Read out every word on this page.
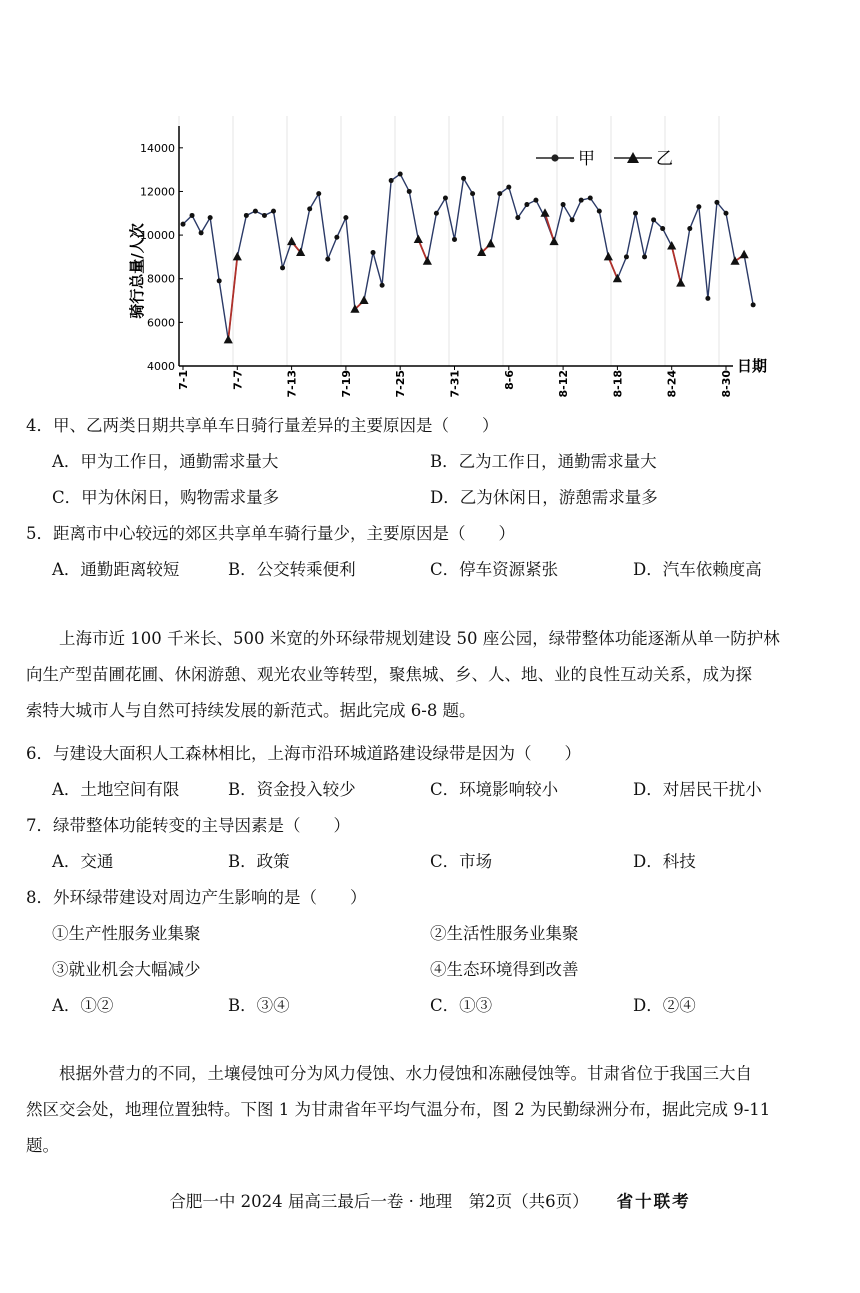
4000
6000
8000
10000
12000
14000
7-1	7-7	7-13	7-19	7-25	7-31	8-6	8-12	8-18	8-24	8-30
骑行总量/人次
日期
甲	乙
4．甲、乙两类日期共享单车日骑行量差异的主要原因是（　　）
A．甲为工作日，通勤需求量大	B．乙为工作日，通勤需求量大
C．甲为休闲日，购物需求量多	D．乙为休闲日，游憩需求量多
5．距离市中心较远的郊区共享单车骑行量少，主要原因是（　　）
A．通勤距离较短	B．公交转乘便利	C．停车资源紧张	D．汽车依赖度高
　　上海市近 100 千米长、500 米宽的外环绿带规划建设 50 座公园，绿带整体功能逐渐从单一防护林
向生产型苗圃花圃、休闲游憩、观光农业等转型，聚焦城、乡、人、地、业的良性互动关系，成为探
索特大城市人与自然可持续发展的新范式。据此完成 6-8 题。
6．与建设大面积人工森林相比，上海市沿环城道路建设绿带是因为（　　）
A．土地空间有限	B．资金投入较少	C．环境影响较小	D．对居民干扰小
7．绿带整体功能转变的主导因素是（　　）
A．交通	B．政策	C．市场	D．科技
8．外环绿带建设对周边产生影响的是（　　）
①生产性服务业集聚	②生活性服务业集聚
③就业机会大幅减少	④生态环境得到改善
A．①②	B．③④	C．①③	D．②④
　　根据外营力的不同，土壤侵蚀可分为风力侵蚀、水力侵蚀和冻融侵蚀等。甘肃省位于我国三大自
然区交会处，地理位置独特。下图 1 为甘肃省年平均气温分布，图 2 为民勤绿洲分布，据此完成 9-11
题。
合肥一中 2024 届高三最后一卷 · 地理　第2页（共6页） 省十联考
